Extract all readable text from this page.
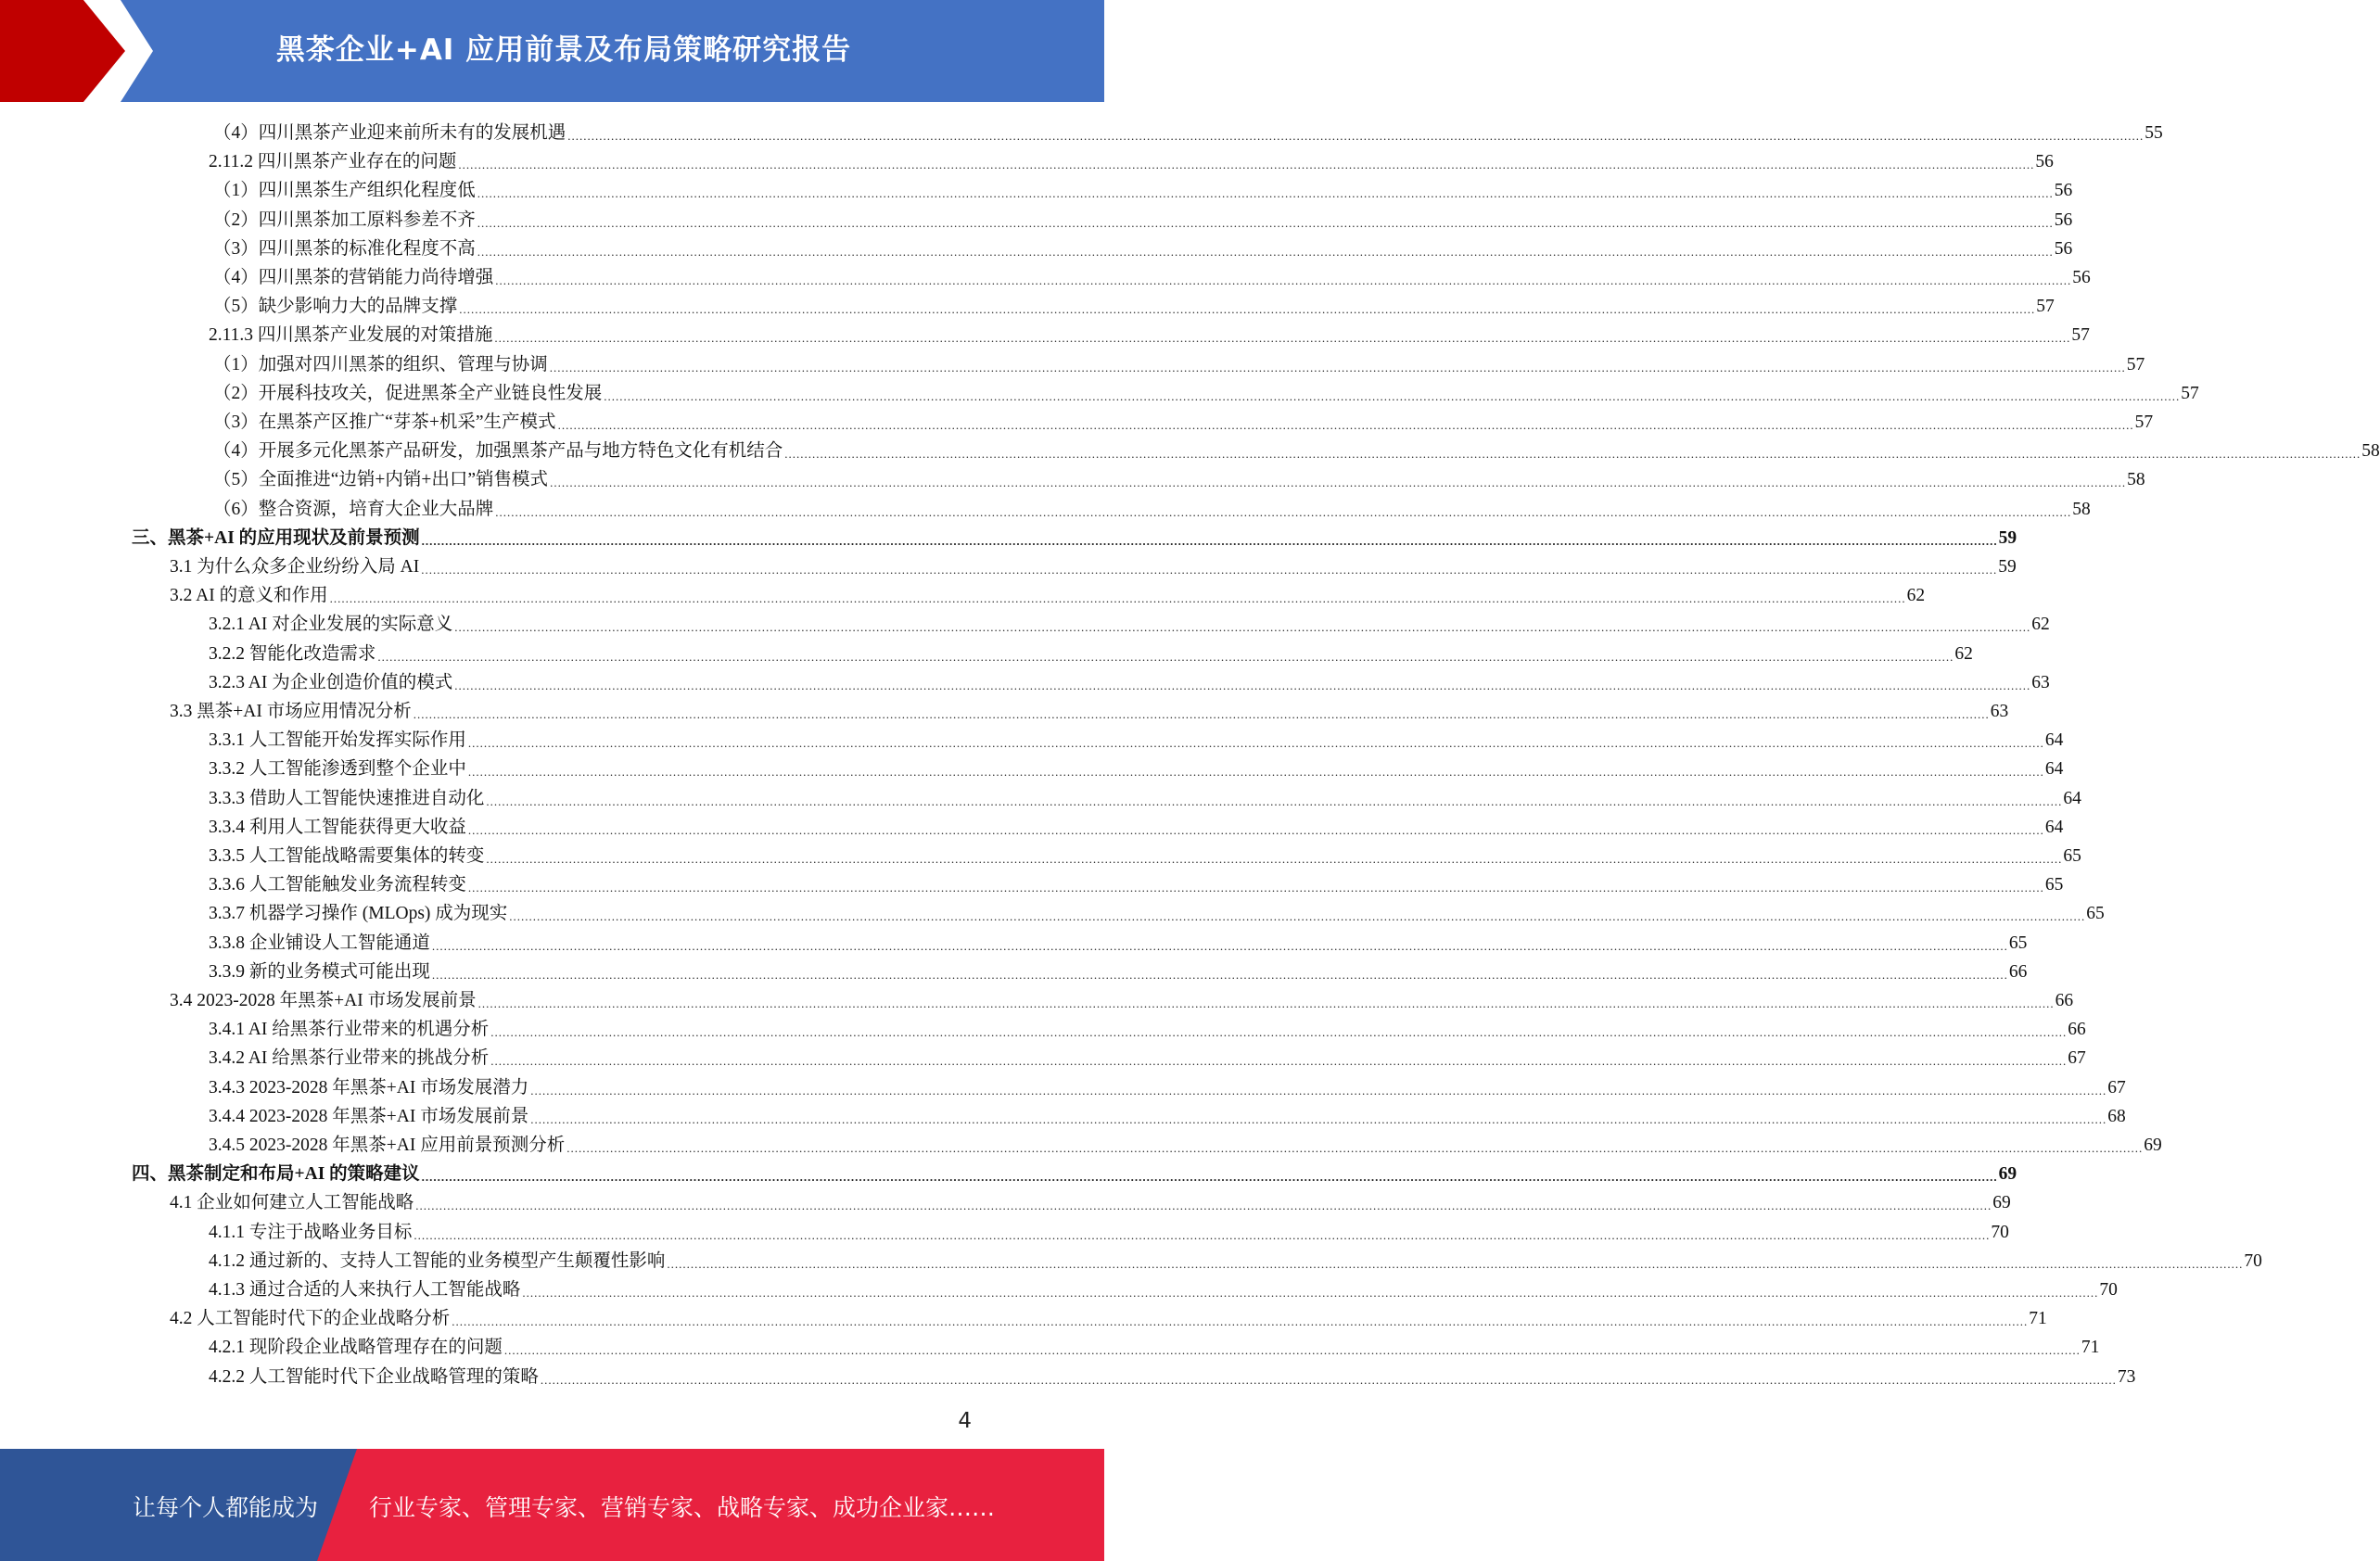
黑茶企业+AI 应用前景及布局策略研究报告
（4）四川黑茶产业迎来前所未有的发展机遇 ................................................................................................................................................................................................................................................................................................................................................................................................................ 55
2.11.2 四川黑茶产业存在的问题 ................................................................................................................................................................................................................................................................................................................................................................................................................ 56
（1）四川黑茶生产组织化程度低 ................................................................................................................................................................................................................................................................................................................................................................................................................ 56
（2）四川黑茶加工原料参差不齐 ................................................................................................................................................................................................................................................................................................................................................................................................................ 56
（3）四川黑茶的标准化程度不高 ................................................................................................................................................................................................................................................................................................................................................................................................................ 56
（4）四川黑茶的营销能力尚待增强 ................................................................................................................................................................................................................................................................................................................................................................................................................ 56
（5）缺少影响力大的品牌支撑 ................................................................................................................................................................................................................................................................................................................................................................................................................ 57
2.11.3 四川黑茶产业发展的对策措施 ................................................................................................................................................................................................................................................................................................................................................................................................................ 57
（1）加强对四川黑茶的组织、管理与协调 ................................................................................................................................................................................................................................................................................................................................................................................................................ 57
（2）开展科技攻关，促进黑茶全产业链良性发展 ................................................................................................................................................................................................................................................................................................................................................................................................................ 57
（3）在黑茶产区推广“芽茶+机采”生产模式 ................................................................................................................................................................................................................................................................................................................................................................................................................ 57
（4）开展多元化黑茶产品研发，加强黑茶产品与地方特色文化有机结合 ................................................................................................................................................................................................................................................................................................................................................................................................................ 58
（5）全面推进“边销+内销+出口”销售模式 ................................................................................................................................................................................................................................................................................................................................................................................................................ 58
（6）整合资源，培育大企业大品牌 ................................................................................................................................................................................................................................................................................................................................................................................................................ 58
三、黑茶+AI 的应用现状及前景预测 ................................................................................................................................................................................................................................................................................................................................................................................................................ 59
3.1 为什么众多企业纷纷入局 AI ................................................................................................................................................................................................................................................................................................................................................................................................................ 59
3.2 AI 的意义和作用 ................................................................................................................................................................................................................................................................................................................................................................................................................ 62
3.2.1 AI 对企业发展的实际意义 ................................................................................................................................................................................................................................................................................................................................................................................................................ 62
3.2.2 智能化改造需求 ................................................................................................................................................................................................................................................................................................................................................................................................................ 62
3.2.3 AI 为企业创造价值的模式 ................................................................................................................................................................................................................................................................................................................................................................................................................ 63
3.3 黑茶+AI 市场应用情况分析 ................................................................................................................................................................................................................................................................................................................................................................................................................ 63
3.3.1 人工智能开始发挥实际作用 ................................................................................................................................................................................................................................................................................................................................................................................................................ 64
3.3.2 人工智能渗透到整个企业中 ................................................................................................................................................................................................................................................................................................................................................................................................................ 64
3.3.3 借助人工智能快速推进自动化 ................................................................................................................................................................................................................................................................................................................................................................................................................ 64
3.3.4 利用人工智能获得更大收益 ................................................................................................................................................................................................................................................................................................................................................................................................................ 64
3.3.5 人工智能战略需要集体的转变 ................................................................................................................................................................................................................................................................................................................................................................................................................ 65
3.3.6 人工智能触发业务流程转变 ................................................................................................................................................................................................................................................................................................................................................................................................................ 65
3.3.7 机器学习操作 (MLOps) 成为现实 ................................................................................................................................................................................................................................................................................................................................................................................................................ 65
3.3.8 企业铺设人工智能通道 ................................................................................................................................................................................................................................................................................................................................................................................................................ 65
3.3.9 新的业务模式可能出现 ................................................................................................................................................................................................................................................................................................................................................................................................................ 66
3.4 2023-2028 年黑茶+AI 市场发展前景 ................................................................................................................................................................................................................................................................................................................................................................................................................ 66
3.4.1 AI 给黑茶行业带来的机遇分析 ................................................................................................................................................................................................................................................................................................................................................................................................................ 66
3.4.2 AI 给黑茶行业带来的挑战分析 ................................................................................................................................................................................................................................................................................................................................................................................................................ 67
3.4.3 2023-2028 年黑茶+AI 市场发展潜力 ................................................................................................................................................................................................................................................................................................................................................................................................................ 67
3.4.4 2023-2028 年黑茶+AI 市场发展前景 ................................................................................................................................................................................................................................................................................................................................................................................................................ 68
3.4.5 2023-2028 年黑茶+AI 应用前景预测分析 ................................................................................................................................................................................................................................................................................................................................................................................................................ 69
四、黑茶制定和布局+AI 的策略建议 ................................................................................................................................................................................................................................................................................................................................................................................................................ 69
4.1 企业如何建立人工智能战略 ................................................................................................................................................................................................................................................................................................................................................................................................................ 69
4.1.1 专注于战略业务目标 ................................................................................................................................................................................................................................................................................................................................................................................................................ 70
4.1.2 通过新的、支持人工智能的业务模型产生颠覆性影响 ................................................................................................................................................................................................................................................................................................................................................................................................................ 70
4.1.3 通过合适的人来执行人工智能战略 ................................................................................................................................................................................................................................................................................................................................................................................................................ 70
4.2 人工智能时代下的企业战略分析 ................................................................................................................................................................................................................................................................................................................................................................................................................ 71
4.2.1 现阶段企业战略管理存在的问题 ................................................................................................................................................................................................................................................................................................................................................................................................................ 71
4.2.2 人工智能时代下企业战略管理的策略 ................................................................................................................................................................................................................................................................................................................................................................................................................ 73
4
让每个人都能成为 行业专家、管理专家、营销专家、战略专家、成功企业家……
